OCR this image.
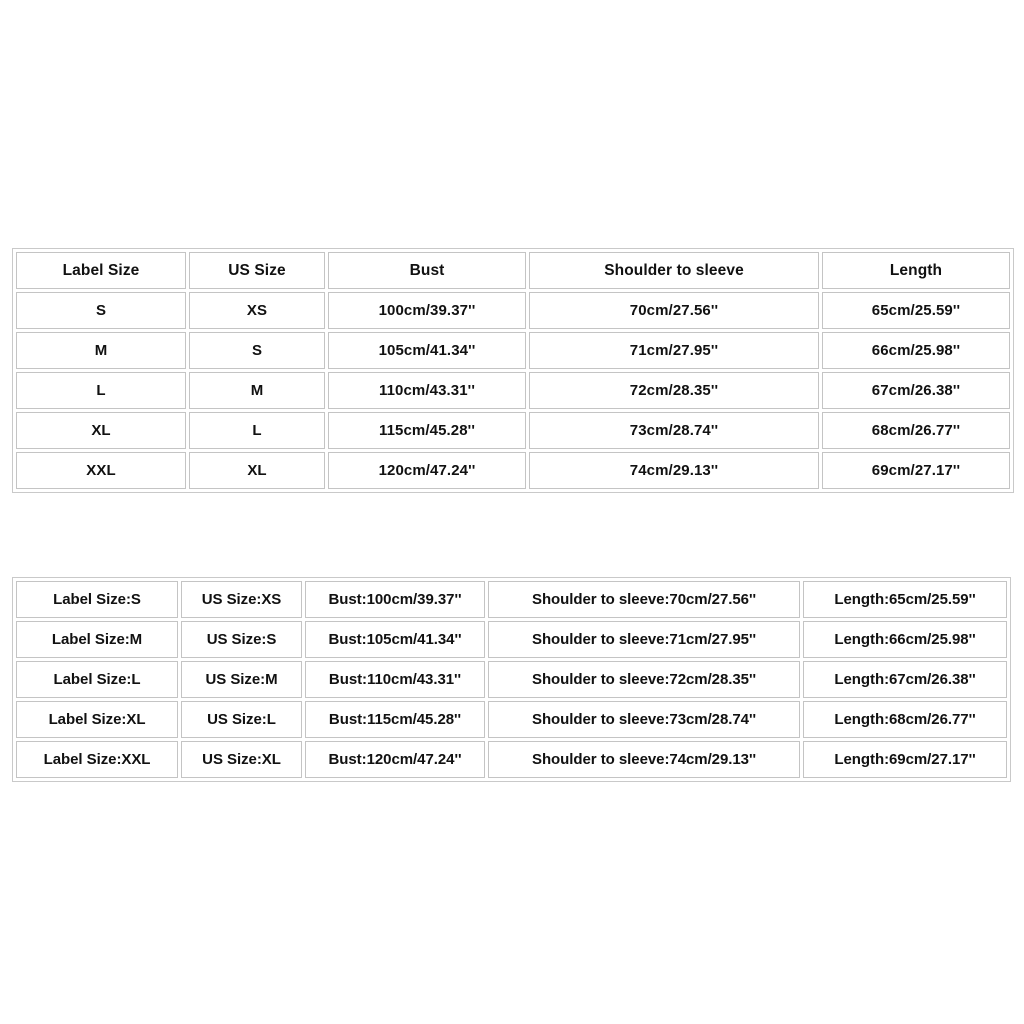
Label Size	US Size	Bust	Shoulder to sleeve	Length
S	XS	100cm/39.37''	70cm/27.56''	65cm/25.59''
M	S	105cm/41.34''	71cm/27.95''	66cm/25.98''
L	M	110cm/43.31''	72cm/28.35''	67cm/26.38''
XL	L	115cm/45.28''	73cm/28.74''	68cm/26.77''
XXL	XL	120cm/47.24''	74cm/29.13''	69cm/27.17''
Label Size:S	US Size:XS	Bust:100cm/39.37''	Shoulder to sleeve:70cm/27.56''	Length:65cm/25.59''
Label Size:M	US Size:S	Bust:105cm/41.34''	Shoulder to sleeve:71cm/27.95''	Length:66cm/25.98''
Label Size:L	US Size:M	Bust:110cm/43.31''	Shoulder to sleeve:72cm/28.35''	Length:67cm/26.38''
Label Size:XL	US Size:L	Bust:115cm/45.28''	Shoulder to sleeve:73cm/28.74''	Length:68cm/26.77''
Label Size:XXL	US Size:XL	Bust:120cm/47.24''	Shoulder to sleeve:74cm/29.13''	Length:69cm/27.17''
